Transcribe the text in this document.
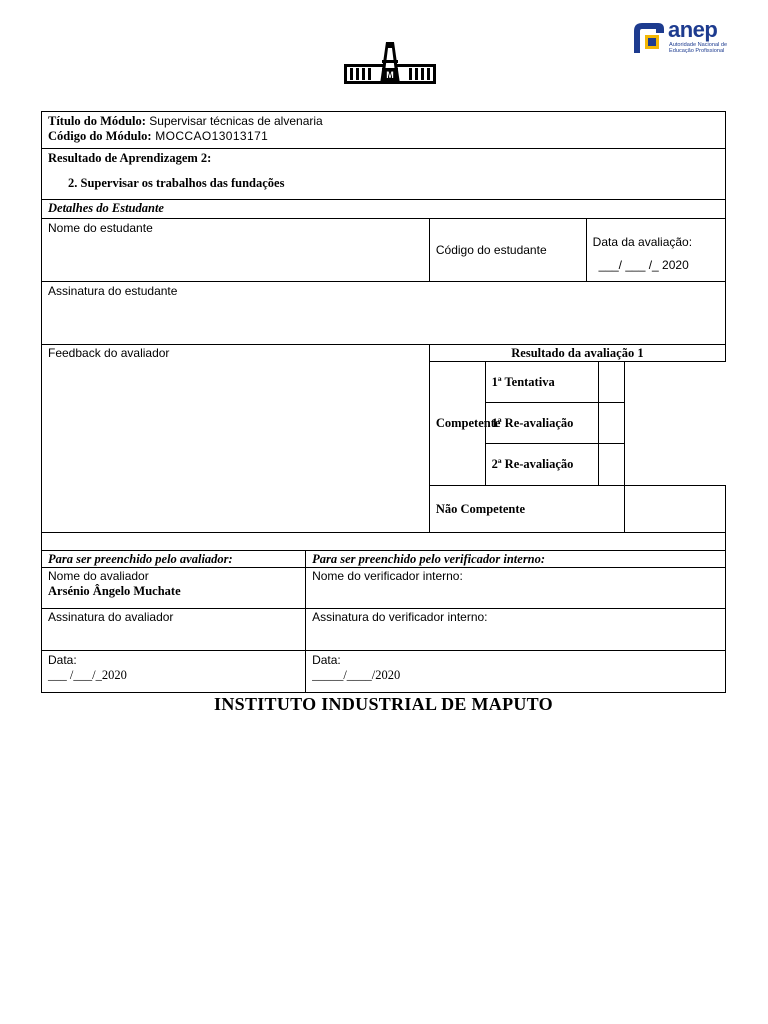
M
anep
Autoridade Nacional de
Educação Profissional
Título do Módulo: Supervisar técnicas de alvenaria
Código do Módulo: MOCCAO13013171						

Resultado de Aprendizagem 2:
2. Supervisar os trabalhos das fundações						

Detalhes do Estudante						
Nome do estudante		Código do estudante		Data da avaliação:
___/ ___ /_ 2020		

Assinatura do estudante						
Feedback do avaliador		Resultado da avaliação 1				
		Competente	1ª Tentativa			
			1ª Re-avaliação			
			2ª Re-avaliação			
		Não Competente				

Para ser preenchido pelo avaliador:	Para ser preenchido pelo verificador interno:					

Nome do avaliador
Arsénio Ângelo Muchate	Nome do verificador interno:					
Assinatura do avaliador	Assinatura do verificador interno:					

Data:
___ /___/_2020	Data:
_____/____/2020					
INSTITUTO INDUSTRIAL DE MAPUTO
